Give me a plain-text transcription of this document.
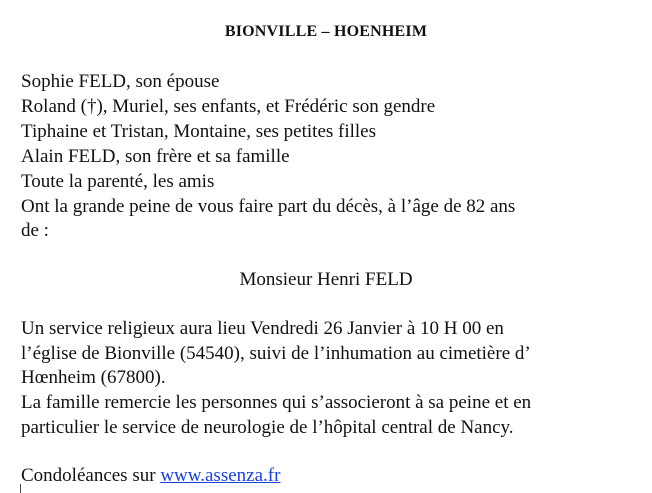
BIONVILLE – HOENHEIM
Sophie FELD, son épouse
Roland (†), Muriel, ses enfants, et Frédéric son gendre
Tiphaine et Tristan, Montaine, ses petites filles
Alain FELD, son frère et sa famille
Toute la parenté, les amis
Ont la grande peine de vous faire part du décès, à l’âge de 82 ans
de :
Monsieur Henri FELD
Un service religieux aura lieu Vendredi 26 Janvier à 10 H 00 en
l’église de Bionville (54540), suivi de l’inhumation au cimetière d’
Hœnheim (67800).
La famille remercie les personnes qui s’associeront à sa peine et en
particulier le service de neurologie de l’hôpital central de Nancy.
Condoléances sur www.assenza.fr
